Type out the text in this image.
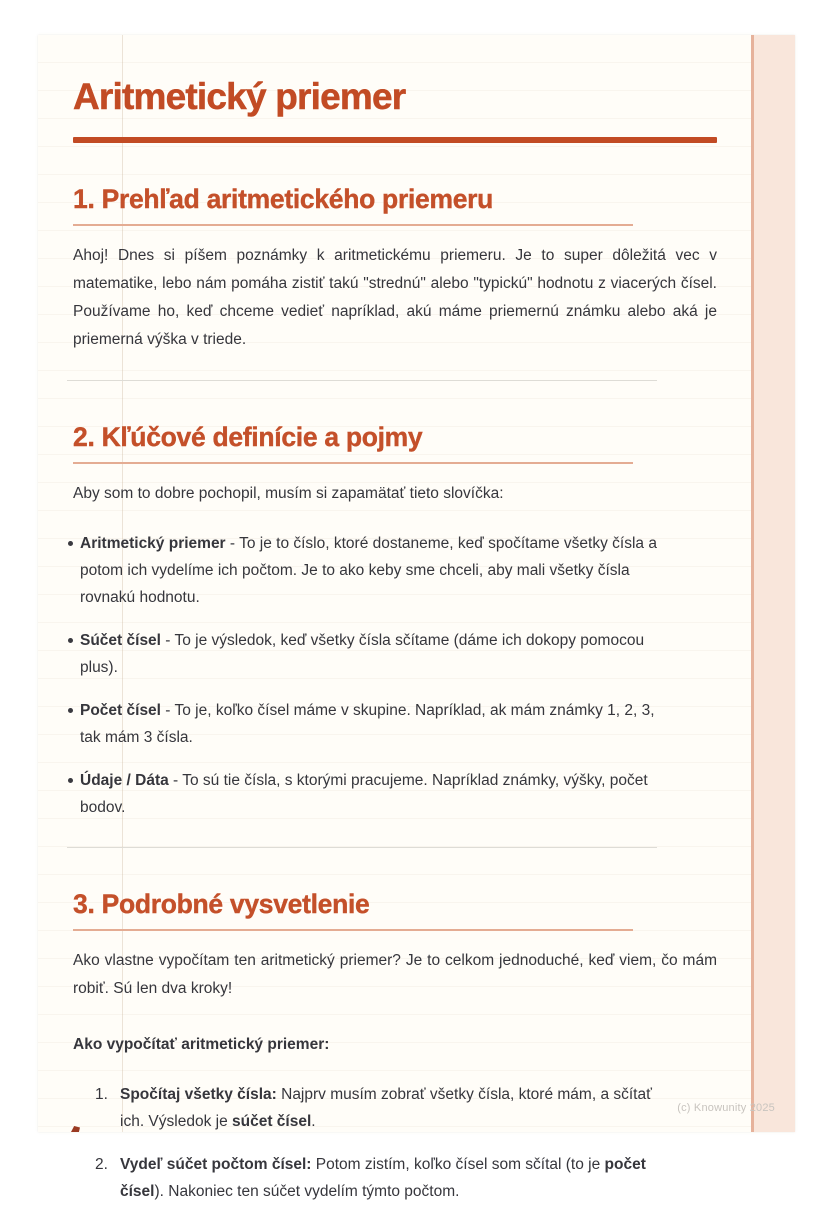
Aritmetický priemer
1. Prehľad aritmetického priemeru

Ahoj! Dnes si píšem poznámky k aritmetickému priemeru. Je to super dôležitá vec v matematike, lebo nám pomáha zistiť takú "strednú" alebo "typickú" hodnotu z viacerých čísel. Používame ho, keď chceme vedieť napríklad, akú máme priemernú známku alebo aká je priemerná výška v triede.

2. Kľúčové definície a pojmy

Aby som to dobre pochopil, musím si zapamätať tieto slovíčka:

Aritmetický priemer - To je to číslo, ktoré dostaneme, keď spočítame všetky čísla a potom ich vydelíme ich počtom. Je to ako keby sme chceli, aby mali všetky čísla rovnakú hodnotu.
Súčet čísel - To je výsledok, keď všetky čísla sčítame (dáme ich dokopy pomocou plus).
Počet čísel - To je, koľko čísel máme v skupine. Napríklad, ak mám známky 1, 2, 3, tak mám 3 čísla.
Údaje / Dáta - To sú tie čísla, s ktorými pracujeme. Napríklad známky, výšky, počet bodov.
3. Podrobné vysvetlenie

Ako vlastne vypočítam ten aritmetický priemer? Je to celkom jednoduché, keď viem, čo mám robiť. Sú len dva kroky!

Ako vypočítať aritmetický priemer:

1. Spočítaj všetky čísla: Najprv musím zobrať všetky čísla, ktoré mám, a sčítať ich. Výsledok je súčet čísel.
2. Vydeľ súčet počtom čísel: Potom zistím, koľko čísel som sčítal (to je počet čísel). Nakoniec ten súčet vydelím týmto počtom.
(c) Knowunity 2025
